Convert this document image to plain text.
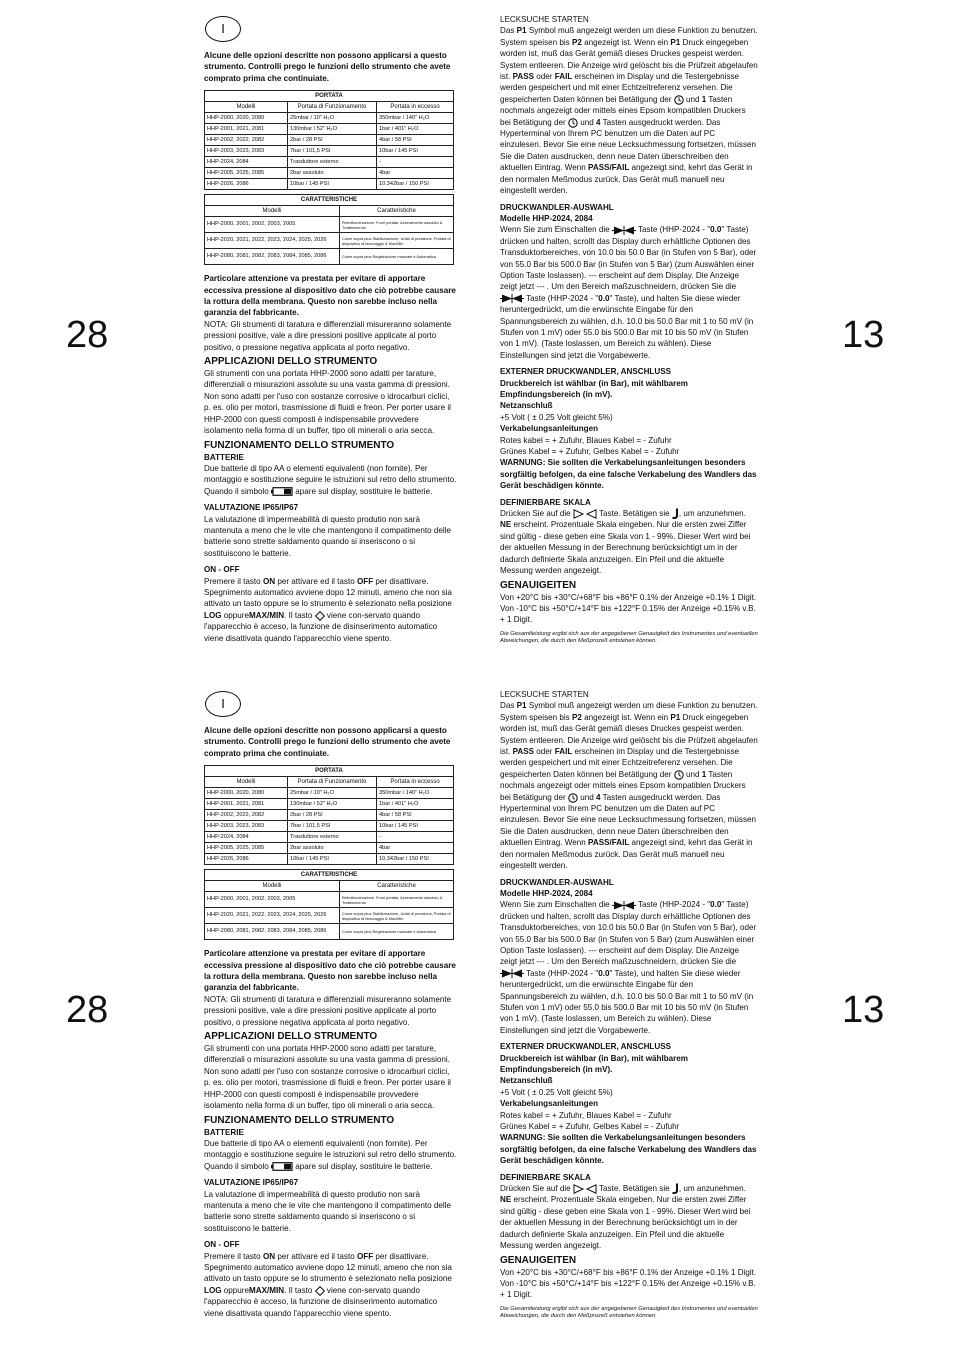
28	13
I

Alcune delle opzioni descritte non possono applicarsi a questo strumento. Controlli prego le funzioni dello strumento che avete comprato prima che continuiate.

PORTATA		
Modelli	Portata di Funzionamento	Portata in eccesso
HHP-2000, 2020, 2080	25mbar / 10" H₂O	350mbar / 140" H₂O
HHP-2001, 2021, 2081	130mbar / 52" H₂O	1bar / 401" H₂O
HHP-2002, 2022, 2082	2bar / 28 PSI	4bar / 58 PSI
HHP-2003, 2023, 2083	7bar / 101,5 PSI	10bar / 145 PSI
HHP-2024, 2084	Trasduttore esterno	-
HHP-2005, 2025, 2085	2bar assoluto	4bar
HHP-2026, 2086	10bar / 145 PSI	10.342bar / 150 PSI
CARATTERISTICHE	
Modelli	Caratteristiche
HHP-2000, 2001, 2002, 2003, 2005	Retroilluminazione, Fuori portata, Azzeramento assoluto & Trattenimento
HHP-2020, 2021, 2022, 2023, 2024, 2025, 2026	Come sopra plus Stabilizzazione, Unità di pressione, Portata di dispositivo di bloccaggio & Max/Min
HHP-2080, 2081, 2082, 2083, 2084, 2085, 2086	Come sopra plus Registrazione manuale e Automatica

Particolare attenzione va prestata per evitare di apportare eccessiva pressione al dispositivo dato che ciò potrebbe causare la rottura della membrana. Questo non sarebbe incluso nella garanzia del fabbricante.

NOTA: Gli strumenti di taratura e differenziali misureranno solamente pressioni positive, vale a dire pressioni positive applicate al porto positivo, o pressione negativa applicata al porto negativo.

APPLICAZIONI DELLO STRUMENTO

Gli strumenti con una portata HHP-2000 sono adatti per tarature, differenziali o misurazioni assolute su una vasta gamma di pressioni. Non sono adatti per l'uso con sostanze corrosive o idrocarburi ciclici, p. es. olio per motori, trasmissione di fluidi e freon. Per porter usare il HHP-2000 con questi composti è indispensabile provvedere isolamento nella forma di un buffer, tipo oli minerali o aria secca.

FUNZIONAMENTO DELLO STRUMENTO
BATTERIE

Due batterie di tipo AA o elementi equivalenti (non fornite). Per montaggio e sostituzione seguire le istruzioni sul retro dello strumento. Quando il simbolo	apare sul display, sostituire le batterie.

VALUTAZIONE IP65/IP67

La valutazione di impermeabilità di questo produtio non sarà mantenuta a meno che le vite che mantengono il compatimento delle batterie sono strette saldamento quando si inseriscono o si sostituiscono le batterie.

ON - OFF

Premere il tasto ON per attivare ed il tasto OFF per disattivare. Spegnimento automatico avviene dopo 12 minuti, ameno che non sia attivato un tasto oppure se lo strumento è selezionato nella posizione LOG oppureMAX/MIN. Il tasto viene con-servato quando l'apparecchio è acceso, la funzione de disinserimento automatico viene disattivata quando l'apparecchio viene spento.

LECKSUCHE STARTEN

Das P1 Symbol muß angezeigt werden um diese Funktion zu benutzen. System speisen bis P2 angezeigt ist. Wenn ein P1 Druck eingegeben worden ist, muß das Gerät gemäß dieses Druckes gespeist werden. System entleeren. Die Anzeige wird gelöscht bis die Prüfzeit abgelaufen ist. PASS oder FAIL erscheinen im Display und die Testergebnisse werden gespeichert und mit einer Echtzeitreferenz versehen. Die gespeicherten Daten können bei Betätigung der und 1 Tasten nochmals angezeigt oder mittels eines Epsom kompatiblen Druckers bei Betätigung der und 4 Tasten ausgedruckt werden. Das Hyperterminal von Ihrem PC benutzen um die Daten auf PC einzulesen. Bevor Sie eine neue Lecksuchmessung fortsetzen, müssen Sie die Daten ausdrucken, denn neue Daten überschreiben den aktuellen Eintrag. Wenn PASS/FAIL angezeigt sind, kehrt das Gerät in den normalen Meßmodus zurück. Das Gerät muß manuell neu eingestellt werden.

DRUCKWANDLER-AUSWAHL
Modelle HHP-2024, 2084

Wenn Sie zum Einschalten die	Taste (HHP-2024 - "0.0" Taste) drücken und halten, scrollt das Display durch erhältliche Optionen des Transduktorbereiches, von 10.0 bis 50.0 Bar (in Stufen von 5 Bar), oder von 55.0 Bar bis 500.0 Bar (in Stufen von 5 Bar) (zum Auswählen einer Option Taste loslassen). --- erscheint auf dem Display. Die Anzeige zeigt jetzt --- . Um den Bereich maßzuschneidern, drücken Sie die  Taste (HHP-2024 - "0.0" Taste), und halten Sie diese wieder heruntergedrückt, um die erwünschte Eingabe für den Spannungsbereich zu wählen, d.h. 10.0 bis 50.0 Bar mit 1 to 50 mV (in Stufen von 1 mV) oder 55.0 bis 500.0 Bar mit 10 bis 50 mV (in Stufen von 1 mV). (Taste loslassen, um Bereich zu wählen). Diese Einstellungen sind jetzt die Vorgabewerte.

EXTERNER DRUCKWANDLER, ANSCHLUSS
Druckbereich ist wählbar (in Bar), mit wählbarem Empfindungsbereich (in mV).
Netzanschluß

+5 Volt ( ± 0.25 Volt gleicht 5%)

Verkabelungsanleitungen

Rotes kabel = + Zufuhr, Blaues Kabel = - Zufuhr

Grünes Kabel = + Zufuhr, Gelbes Kabel = - Zufuhr

WARNUNG: Sie sollten die Verkabelungsanleitungen besonders sorgfältig befolgen, da eine falsche Verkabelung des Wandlers das Gerät beschädigen könnte.

DEFINIERBARE SKALA

Drücken Sie auf die	Taste. Betätigen sie , um anzunehmen. NE erscheint. Prozentuale Skala eingeben. Nur die ersten zwei Ziffer sind gültig - diese geben eine Skala von 1 - 99%. Dieser Wert wird bei der aktuellen Messung in der Berechnung berücksichtigt um in der dadurch definierte Skala anzuzeigen. Ein Pfeil und die aktuelle Messung werden angezeigt.

GENAUIGEITEN

Von +20°C bis +30°C/+68°F bis +86°F 0.1% der Anzeige +0.1% 1 Digit.

Von -10°C bis +50°C/+14°F bis +122°F 0.15% der Anzeige +0.15% v.B. + 1 Digit.

Die Gesamtleistung ergibt sich aus der angegebenen Genauigkeit des Instrumentes und eventuellen Abweichungen, die durch den Meßprozeß entstehen können.

28	13
I

Alcune delle opzioni descritte non possono applicarsi a questo strumento. Controlli prego le funzioni dello strumento che avete comprato prima che continuiate.

PORTATA		
Modelli	Portata di Funzionamento	Portata in eccesso
HHP-2000, 2020, 2080	25mbar / 10" H₂O	350mbar / 140" H₂O
HHP-2001, 2021, 2081	130mbar / 52" H₂O	1bar / 401" H₂O
HHP-2002, 2022, 2082	2bar / 28 PSI	4bar / 58 PSI
HHP-2003, 2023, 2083	7bar / 101,5 PSI	10bar / 145 PSI
HHP-2024, 2084	Trasduttore esterno	-
HHP-2005, 2025, 2085	2bar assoluto	4bar
HHP-2026, 2086	10bar / 145 PSI	10.342bar / 150 PSI
CARATTERISTICHE	
Modelli	Caratteristiche
HHP-2000, 2001, 2002, 2003, 2005	Retroilluminazione, Fuori portata, Azzeramento assoluto & Trattenimento
HHP-2020, 2021, 2022, 2023, 2024, 2025, 2026	Come sopra plus Stabilizzazione, Unità di pressione, Portata di dispositivo di bloccaggio & Max/Min
HHP-2080, 2081, 2082, 2083, 2084, 2085, 2086	Come sopra plus Registrazione manuale e Automatica

Particolare attenzione va prestata per evitare di apportare eccessiva pressione al dispositivo dato che ciò potrebbe causare la rottura della membrana. Questo non sarebbe incluso nella garanzia del fabbricante.

NOTA: Gli strumenti di taratura e differenziali misureranno solamente pressioni positive, vale a dire pressioni positive applicate al porto positivo, o pressione negativa applicata al porto negativo.

APPLICAZIONI DELLO STRUMENTO

Gli strumenti con una portata HHP-2000 sono adatti per tarature, differenziali o misurazioni assolute su una vasta gamma di pressioni. Non sono adatti per l'uso con sostanze corrosive o idrocarburi ciclici, p. es. olio per motori, trasmissione di fluidi e freon. Per porter usare il HHP-2000 con questi composti è indispensabile provvedere isolamento nella forma di un buffer, tipo oli minerali o aria secca.

FUNZIONAMENTO DELLO STRUMENTO
BATTERIE

Due batterie di tipo AA o elementi equivalenti (non fornite). Per montaggio e sostituzione seguire le istruzioni sul retro dello strumento. Quando il simbolo	apare sul display, sostituire le batterie.

VALUTAZIONE IP65/IP67

La valutazione di impermeabilità di questo produtio non sarà mantenuta a meno che le vite che mantengono il compatimento delle batterie sono strette saldamento quando si inseriscono o si sostituiscono le batterie.

ON - OFF

Premere il tasto ON per attivare ed il tasto OFF per disattivare. Spegnimento automatico avviene dopo 12 minuti, ameno che non sia attivato un tasto oppure se lo strumento è selezionato nella posizione LOG oppureMAX/MIN. Il tasto viene con-servato quando l'apparecchio è acceso, la funzione de disinserimento automatico viene disattivata quando l'apparecchio viene spento.

LECKSUCHE STARTEN

Das P1 Symbol muß angezeigt werden um diese Funktion zu benutzen. System speisen bis P2 angezeigt ist. Wenn ein P1 Druck eingegeben worden ist, muß das Gerät gemäß dieses Druckes gespeist werden. System entleeren. Die Anzeige wird gelöscht bis die Prüfzeit abgelaufen ist. PASS oder FAIL erscheinen im Display und die Testergebnisse werden gespeichert und mit einer Echtzeitreferenz versehen. Die gespeicherten Daten können bei Betätigung der und 1 Tasten nochmals angezeigt oder mittels eines Epsom kompatiblen Druckers bei Betätigung der und 4 Tasten ausgedruckt werden. Das Hyperterminal von Ihrem PC benutzen um die Daten auf PC einzulesen. Bevor Sie eine neue Lecksuchmessung fortsetzen, müssen Sie die Daten ausdrucken, denn neue Daten überschreiben den aktuellen Eintrag. Wenn PASS/FAIL angezeigt sind, kehrt das Gerät in den normalen Meßmodus zurück. Das Gerät muß manuell neu eingestellt werden.

DRUCKWANDLER-AUSWAHL
Modelle HHP-2024, 2084

Wenn Sie zum Einschalten die	Taste (HHP-2024 - "0.0" Taste) drücken und halten, scrollt das Display durch erhältliche Optionen des Transduktorbereiches, von 10.0 bis 50.0 Bar (in Stufen von 5 Bar), oder von 55.0 Bar bis 500.0 Bar (in Stufen von 5 Bar) (zum Auswählen einer Option Taste loslassen). --- erscheint auf dem Display. Die Anzeige zeigt jetzt --- . Um den Bereich maßzuschneidern, drücken Sie die  Taste (HHP-2024 - "0.0" Taste), und halten Sie diese wieder heruntergedrückt, um die erwünschte Eingabe für den Spannungsbereich zu wählen, d.h. 10.0 bis 50.0 Bar mit 1 to 50 mV (in Stufen von 1 mV) oder 55.0 bis 500.0 Bar mit 10 bis 50 mV (in Stufen von 1 mV). (Taste loslassen, um Bereich zu wählen). Diese Einstellungen sind jetzt die Vorgabewerte.

EXTERNER DRUCKWANDLER, ANSCHLUSS
Druckbereich ist wählbar (in Bar), mit wählbarem Empfindungsbereich (in mV).
Netzanschluß

+5 Volt ( ± 0.25 Volt gleicht 5%)

Verkabelungsanleitungen

Rotes kabel = + Zufuhr, Blaues Kabel = - Zufuhr

Grünes Kabel = + Zufuhr, Gelbes Kabel = - Zufuhr

WARNUNG: Sie sollten die Verkabelungsanleitungen besonders sorgfältig befolgen, da eine falsche Verkabelung des Wandlers das Gerät beschädigen könnte.

DEFINIERBARE SKALA

Drücken Sie auf die	Taste. Betätigen sie , um anzunehmen. NE erscheint. Prozentuale Skala eingeben. Nur die ersten zwei Ziffer sind gültig - diese geben eine Skala von 1 - 99%. Dieser Wert wird bei der aktuellen Messung in der Berechnung berücksichtigt um in der dadurch definierte Skala anzuzeigen. Ein Pfeil und die aktuelle Messung werden angezeigt.

GENAUIGEITEN

Von +20°C bis +30°C/+68°F bis +86°F 0.1% der Anzeige +0.1% 1 Digit.

Von -10°C bis +50°C/+14°F bis +122°F 0.15% der Anzeige +0.15% v.B. + 1 Digit.

Die Gesamtleistung ergibt sich aus der angegebenen Genauigkeit des Instrumentes und eventuellen Abweichungen, die durch den Meßprozeß entstehen können.
